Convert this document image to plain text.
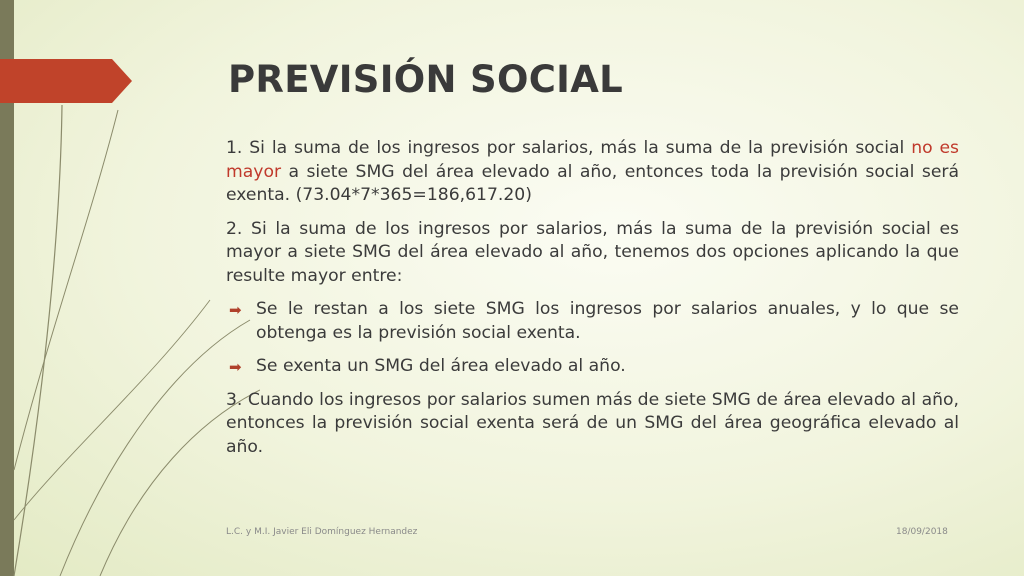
PREVISIÓN SOCIAL

1. Si la suma de los ingresos por salarios, más la suma de la previsión social no es mayor a siete SMG del área elevado al año, entonces toda la previsión social será exenta. (73.04*7*365=186,617.20)

2. Si la suma de los ingresos por salarios, más la suma de la previsión social es mayor a siete SMG del área elevado al año, tenemos dos opciones aplicando la que resulte mayor entre:

➡ Se le restan a los siete SMG los ingresos por salarios anuales, y lo que se obtenga es la previsión social exenta.

➡ Se exenta un SMG del área elevado al año.

3. Cuando los ingresos por salarios sumen más de siete SMG de área elevado al año, entonces la previsión social exenta será de un SMG del área geográfica elevado al año.

L.C. y M.I. Javier Eli Domínguez Hernandez	18/09/2018
